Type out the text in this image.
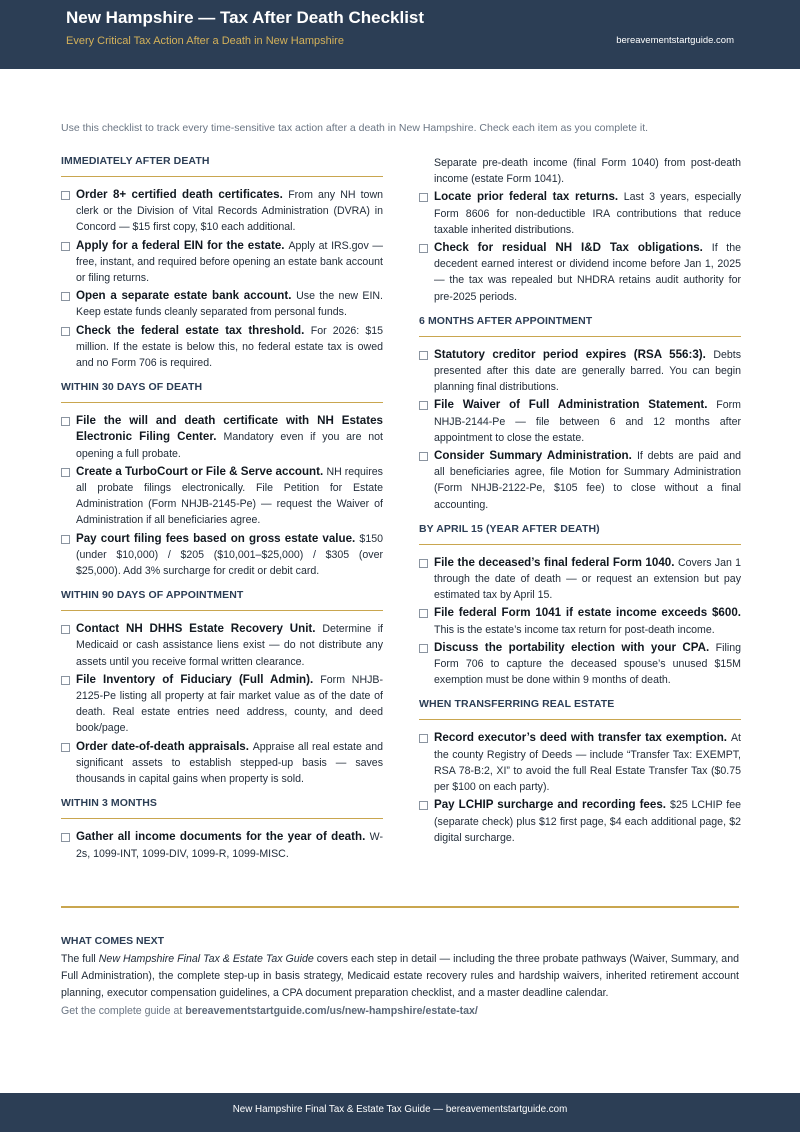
New Hampshire — Tax After Death Checklist
Every Critical Tax Action After a Death in New Hampshire	bereavementstartguide.com
Use this checklist to track every time-sensitive tax action after a death in New Hampshire. Check each item as you complete it.
IMMEDIATELY AFTER DEATH
Order 8+ certified death certificates. From any NH town clerk or the Division of Vital Records Administration (DVRA) in Concord — $15 first copy, $10 each additional.
Apply for a federal EIN for the estate. Apply at IRS.gov — free, instant, and required before opening an estate bank account or filing returns.
Open a separate estate bank account. Use the new EIN. Keep estate funds cleanly separated from personal funds.
Check the federal estate tax threshold. For 2026: $15 million. If the estate is below this, no federal estate tax is owed and no Form 706 is required.
WITHIN 30 DAYS OF DEATH
File the will and death certificate with NH Estates Electronic Filing Center. Mandatory even if you are not opening a full probate.
Create a TurboCourt or File & Serve account. NH requires all probate filings electronically. File Petition for Estate Administration (Form NHJB-2145-Pe) — request the Waiver of Administration if all beneficiaries agree.
Pay court filing fees based on gross estate value. $150 (under $10,000) / $205 ($10,001–$25,000) / $305 (over $25,000). Add 3% surcharge for credit or debit card.
WITHIN 90 DAYS OF APPOINTMENT
Contact NH DHHS Estate Recovery Unit. Determine if Medicaid or cash assistance liens exist — do not distribute any assets until you receive formal written clearance.
File Inventory of Fiduciary (Full Admin). Form NHJB-2125-Pe listing all property at fair market value as of the date of death. Real estate entries need address, county, and deed book/page.
Order date-of-death appraisals. Appraise all real estate and significant assets to establish stepped-up basis — saves thousands in capital gains when property is sold.
WITHIN 3 MONTHS
Gather all income documents for the year of death. W-2s, 1099-INT, 1099-DIV, 1099-R, 1099-MISC.
Separate pre-death income (final Form 1040) from post-death income (estate Form 1041).
Locate prior federal tax returns. Last 3 years, especially Form 8606 for non-deductible IRA contributions that reduce taxable inherited distributions.
Check for residual NH I&D Tax obligations. If the decedent earned interest or dividend income before Jan 1, 2025 — the tax was repealed but NHDRA retains audit authority for pre-2025 periods.
6 MONTHS AFTER APPOINTMENT
Statutory creditor period expires (RSA 556:3). Debts presented after this date are generally barred. You can begin planning final distributions.
File Waiver of Full Administration Statement. Form NHJB-2144-Pe — file between 6 and 12 months after appointment to close the estate.
Consider Summary Administration. If debts are paid and all beneficiaries agree, file Motion for Summary Administration (Form NHJB-2122-Pe, $105 fee) to close without a final accounting.
BY APRIL 15 (YEAR AFTER DEATH)
File the deceased’s final federal Form 1040. Covers Jan 1 through the date of death — or request an extension but pay estimated tax by April 15.
File federal Form 1041 if estate income exceeds $600. This is the estate’s income tax return for post-death income.
Discuss the portability election with your CPA. Filing Form 706 to capture the deceased spouse’s unused $15M exemption must be done within 9 months of death.
WHEN TRANSFERRING REAL ESTATE
Record executor’s deed with transfer tax exemption. At the county Registry of Deeds — include “Transfer Tax: EXEMPT, RSA 78-B:2, XI” to avoid the full Real Estate Transfer Tax ($0.75 per $100 on each party).
Pay LCHIP surcharge and recording fees. $25 LCHIP fee (separate check) plus $12 first page, $4 each additional page, $2 digital surcharge.
WHAT COMES NEXT
The full New Hampshire Final Tax & Estate Tax Guide covers each step in detail — including the three probate pathways (Waiver, Summary, and Full Administration), the complete step-up in basis strategy, Medicaid estate recovery rules and hardship waivers, inherited retirement account planning, executor compensation guidelines, a CPA document preparation checklist, and a master deadline calendar.
Get the complete guide at bereavementstartguide.com/us/new-hampshire/estate-tax/
New Hampshire Final Tax & Estate Tax Guide — bereavementstartguide.com
